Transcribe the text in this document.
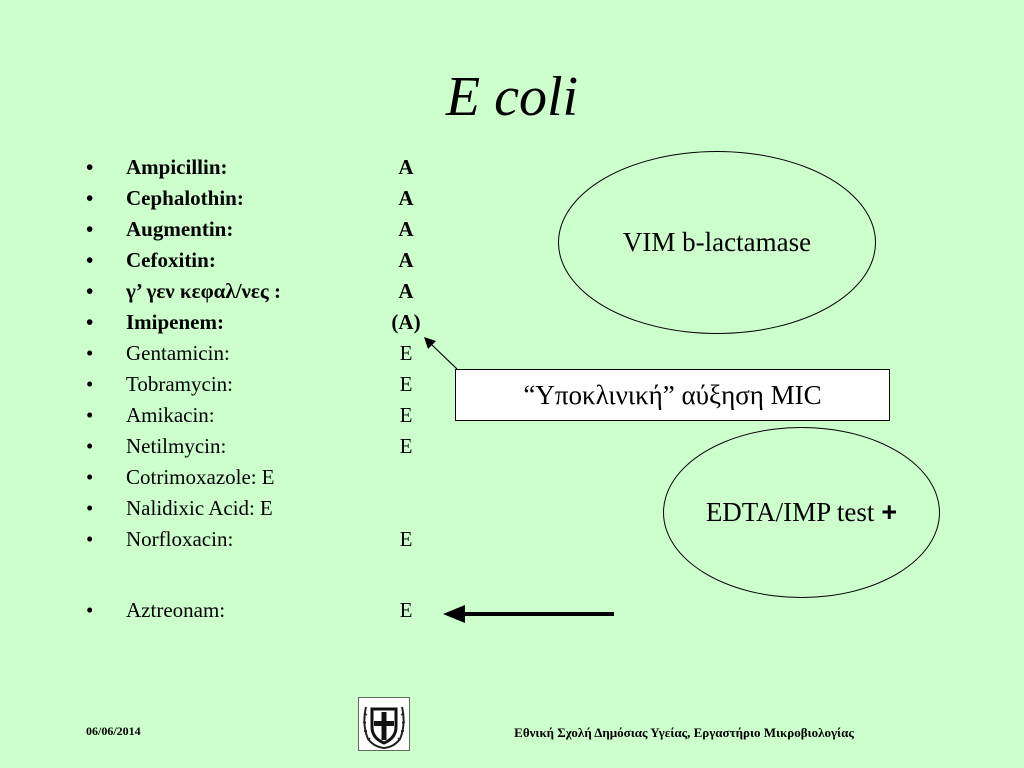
E coli
• Ampicillin:	A
• Cephalothin:	A
• Augmentin:	A
• Cefoxitin:	A
• γ’ γεν κεφαλ/νες :	A
• Imipenem:	(A)
• Gentamicin:	E
• Tobramycin:	E
• Amikacin:	E
• Netilmycin:	E
• Cotrimoxazole: E
• Nalidixic Acid: E
• Norfloxacin:	E
• Aztreonam:	E
VIM b-lactamase
“Υποκλινική” αύξηση MIC
EDTA/IMP test +
06/06/2014	Εθνική Σχολή Δημόσιας Υγείας, Εργαστήριο Μικροβιολογίας
